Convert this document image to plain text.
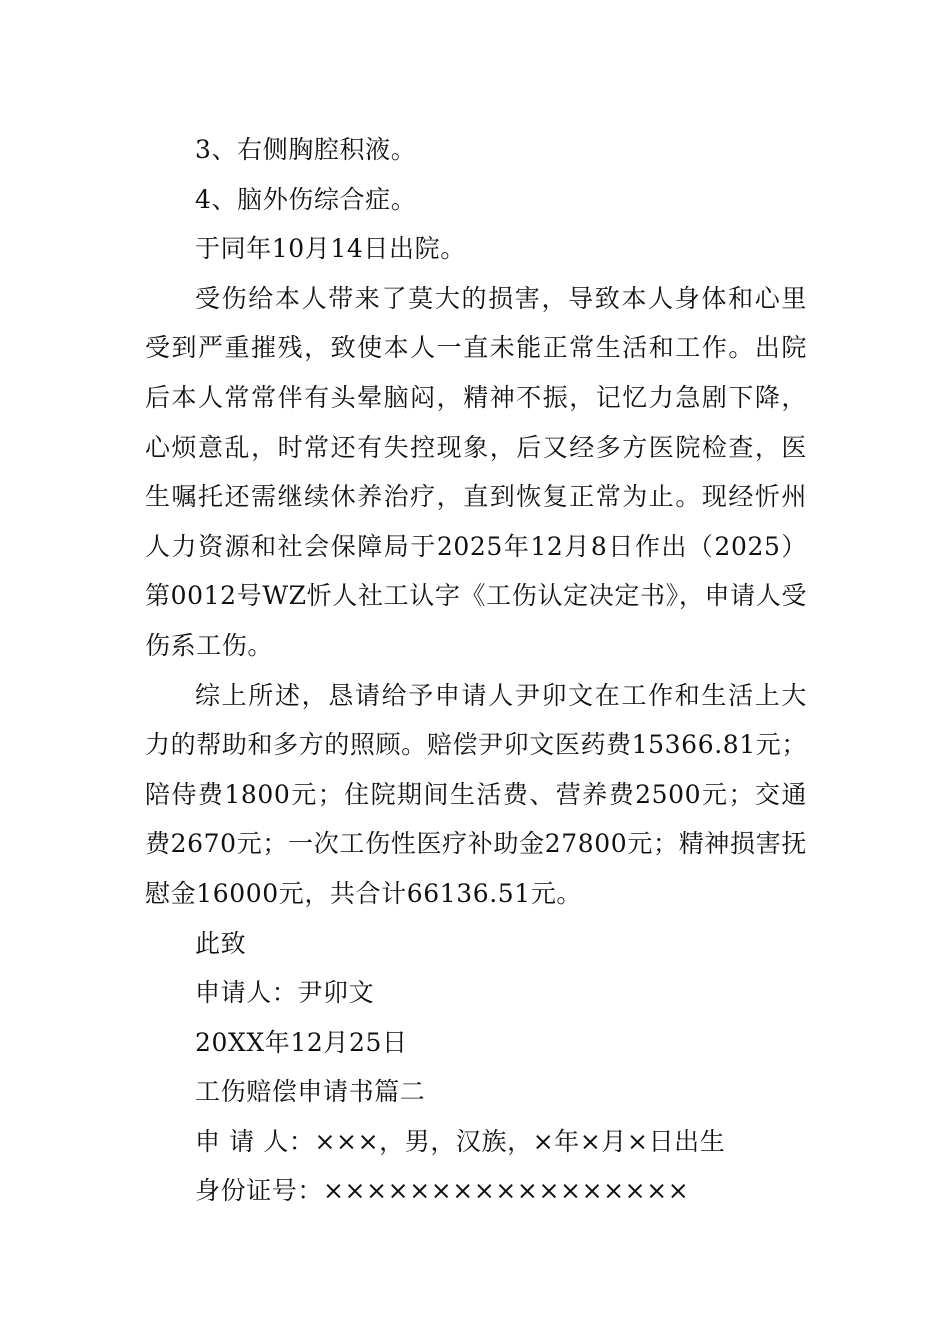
3、右侧胸腔积液。

4、脑外伤综合症。

于同年10月14日出院。

受伤给本人带来了莫大的损害，导致本人身体和心里受到严重摧残，致使本人一直未能正常生活和工作。出院后本人常常伴有头晕脑闷，精神不振，记忆力急剧下降，心烦意乱，时常还有失控现象，后又经多方医院检查，医生嘱托还需继续休养治疗，直到恢复正常为止。现经忻州人力资源和社会保障局于2025年12月8日作出（2025）第0012号WZ忻人社工认字《工伤认定决定书》，申请人受伤系工伤。

综上所述，恳请给予申请人尹卯文在工作和生活上大力的帮助和多方的照顾。赔偿尹卯文医药费15366.81元；陪侍费1800元；住院期间生活费、营养费2500元；交通费2670元；一次工伤性医疗补助金27800元；精神损害抚慰金16000元，共合计66136.51元。

此致

申请人：尹卯文

20XX年12月25日

工伤赔偿申请书篇二

申 请 人：×××，男，汉族，×年×月×日出生

身份证号：×××××××××××××××××
